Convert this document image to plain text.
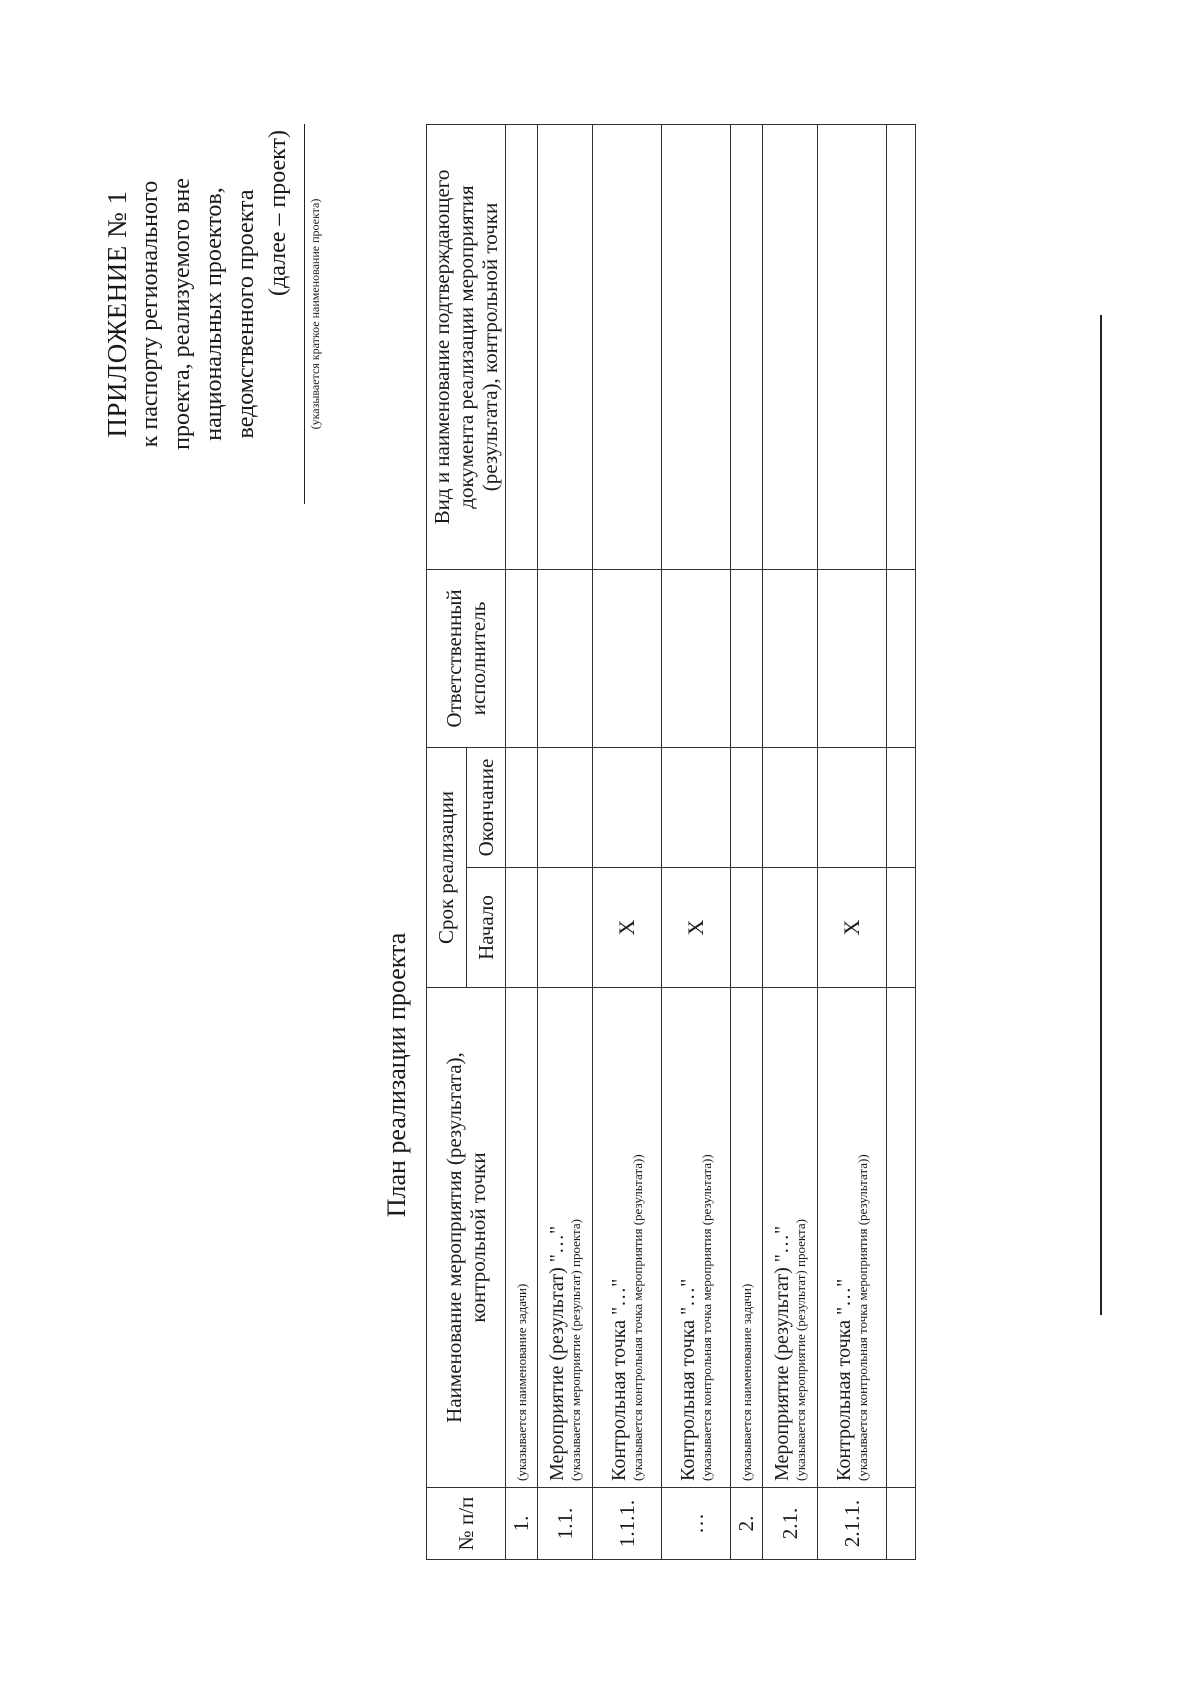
ПРИЛОЖЕНИЕ № 1 к паспорту регионального проекта, реализуемого вне национальных проектов, ведомственного проекта (далее – проект)	(указывается краткое наименование проекта)
План реализации проекта
№ п/п	Наименование мероприятия (результата), контрольной точки	Срок реализации		Ответственный исполнитель	Вид и наименование подтверждающего документа реализации мероприятия (результата), контрольной точки
		Начало	Окончание		
1.	(указывается наименование задачи)				

1.1.	Мероприятие (результат) "…" (указывается мероприятие (результат) проекта)				

1.1.1.	Контрольная точка "…" (указывается контрольная точка мероприятия (результата))	X			
…	Контрольная точка "…" (указывается контрольная точка мероприятия (результата))	X			
2.	(указывается наименование задачи)				

2.1.	Мероприятие (результат) "…" (указывается мероприятие (результат) проекта)				

2.1.1.	Контрольная точка "…" (указывается контрольная точка мероприятия (результата))	X			
